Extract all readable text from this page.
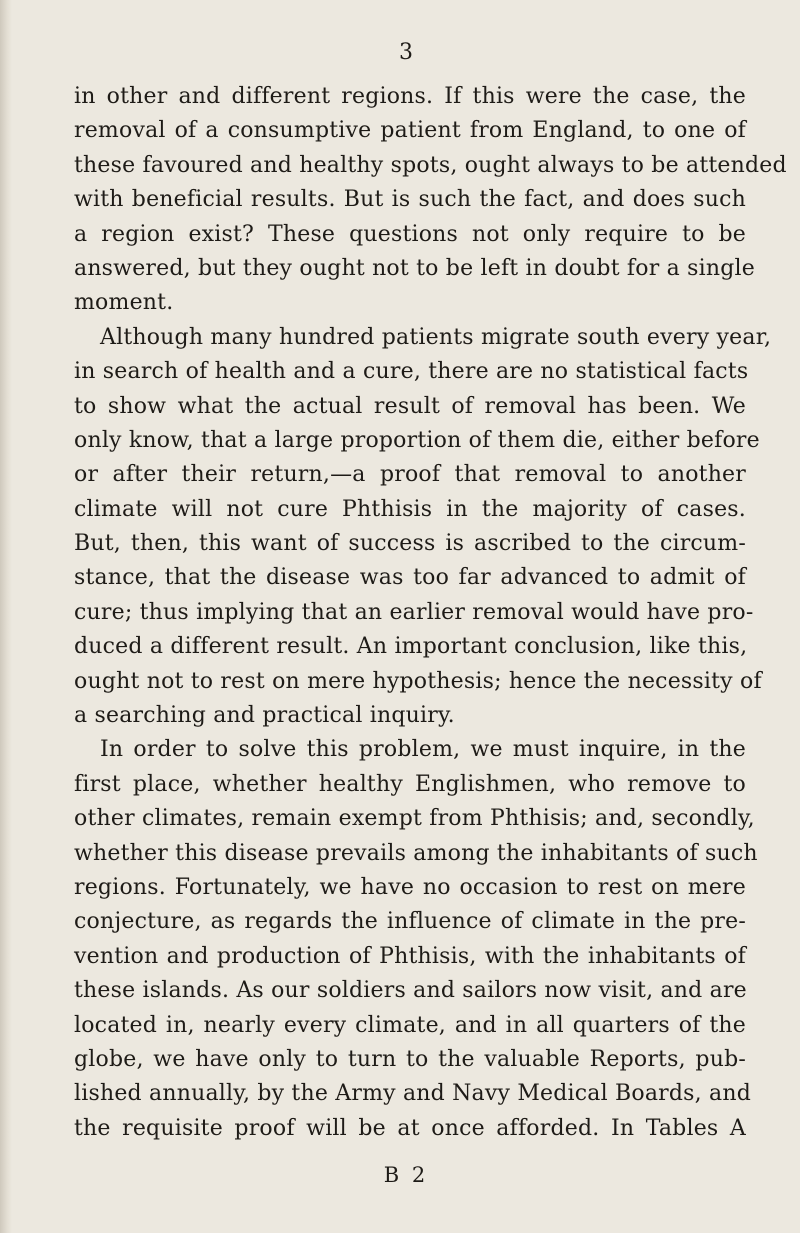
3
in other and different regions. If this were the case, the
removal of a consumptive patient from England, to one of
these favoured and healthy spots, ought always to be attended
with beneficial results. But is such the fact, and does such
a region exist? These questions not only require to be
answered, but they ought not to be left in doubt for a single
moment.
Although many hundred patients migrate south every year,
in search of health and a cure, there are no statistical facts
to show what the actual result of removal has been. We
only know, that a large proportion of them die, either before
or after their return,—a proof that removal to another
climate will not cure Phthisis in the majority of cases.
But, then, this want of success is ascribed to the circum-
stance, that the disease was too far advanced to admit of
cure; thus implying that an earlier removal would have pro-
duced a different result. An important conclusion, like this,
ought not to rest on mere hypothesis; hence the necessity of
a searching and practical inquiry.
In order to solve this problem, we must inquire, in the
first place, whether healthy Englishmen, who remove to
other climates, remain exempt from Phthisis; and, secondly,
whether this disease prevails among the inhabitants of such
regions. Fortunately, we have no occasion to rest on mere
conjecture, as regards the influence of climate in the pre-
vention and production of Phthisis, with the inhabitants of
these islands. As our soldiers and sailors now visit, and are
located in, nearly every climate, and in all quarters of the
globe, we have only to turn to the valuable Reports, pub-
lished annually, by the Army and Navy Medical Boards, and
the requisite proof will be at once afforded. In Tables A
B 2
